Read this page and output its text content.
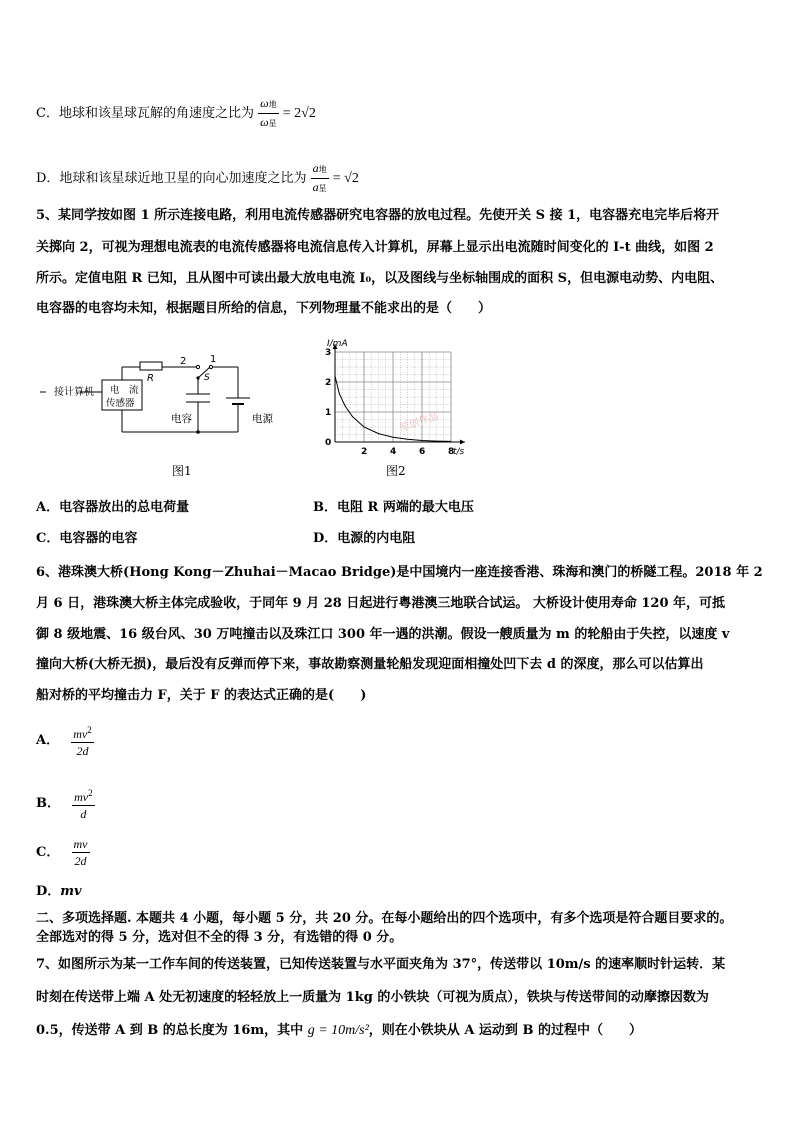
C．地球和该星球瓦解的角速度之比为 $\frac{\text{ω地}}{\text{ω星}} = 2√2$
D．地球和该星球近地卫星的向心加速度之比为 $\frac{\text{a地}}{\text{a星}} = √2$
5、某同学按如图 1 所示连接电路，利用电流传感器研究电容器的放电过程。先使开关 S 接 1，电容器充电完毕后将开
关掷向 2，可视为理想电流表的电流传感器将电流信息传入计算机，屏幕上显示出电流随时间变化的 I-t 曲线，如图 2
所示。定值电阻 R 已知，且从图中可读出最大放电电流 I₀，以及图线与坐标轴围成的面积 S，但电源电动势、内电阻、
电容器的电容均未知，根据题目所给的信息，下列物理量不能求出的是（　　）
接计算机 电　流
传感器
R
2 1
S
电容	电源
图1
2	4	6	8
0
1
2
3
I/mA
t/s
原创作品
图2
A．电容器放出的总电荷量	B．电阻 R 两端的最大电压
C．电容器的电容	D．电源的内电阻
6、港珠澳大桥(Hong Kong－Zhuhai－Macao Bridge)是中国境内一座连接香港、珠海和澳门的桥隧工程。2018 年 2
月 6 日，港珠澳大桥主体完成验收，于同年 9 月 28 日起进行粤港澳三地联合试运。 大桥设计使用寿命 120 年，可抵
御 8 级地震、16 级台风、30 万吨撞击以及珠江口 300 年一遇的洪潮。假设一艘质量为 m 的轮船由于失控，以速度 v
撞向大桥(大桥无损)，最后没有反弹而停下来，事故勘察测量轮船发现迎面相撞处凹下去 d 的深度，那么可以估算出
船对桥的平均撞击力 F，关于 F 的表达式正确的是(　　)
A． $\frac{mv^2}{2d}$
B． $\frac{mv^2}{d}$
C． $\frac{mv}{2d}$
D．mv
二、多项选择题. 本题共 4 小题，每小题 5 分，共 20 分。在每小题给出的四个选项中，有多个选项是符合题目要求的。
全部选对的得 5 分，选对但不全的得 3 分，有选错的得 0 分。
7、如图所示为某一工作车间的传送装置，已知传送装置与水平面夹角为 37°，传送带以 10m/s 的速率顺时针运转．某
时刻在传送带上端 A 处无初速度的轻轻放上一质量为 1kg 的小铁块（可视为质点），铁块与传送带间的动摩擦因数为
0.5，传送带 A 到 B 的总长度为 16m，其中 g = 10m/s²，则在小铁块从 A 运动到 B 的过程中（　　）
